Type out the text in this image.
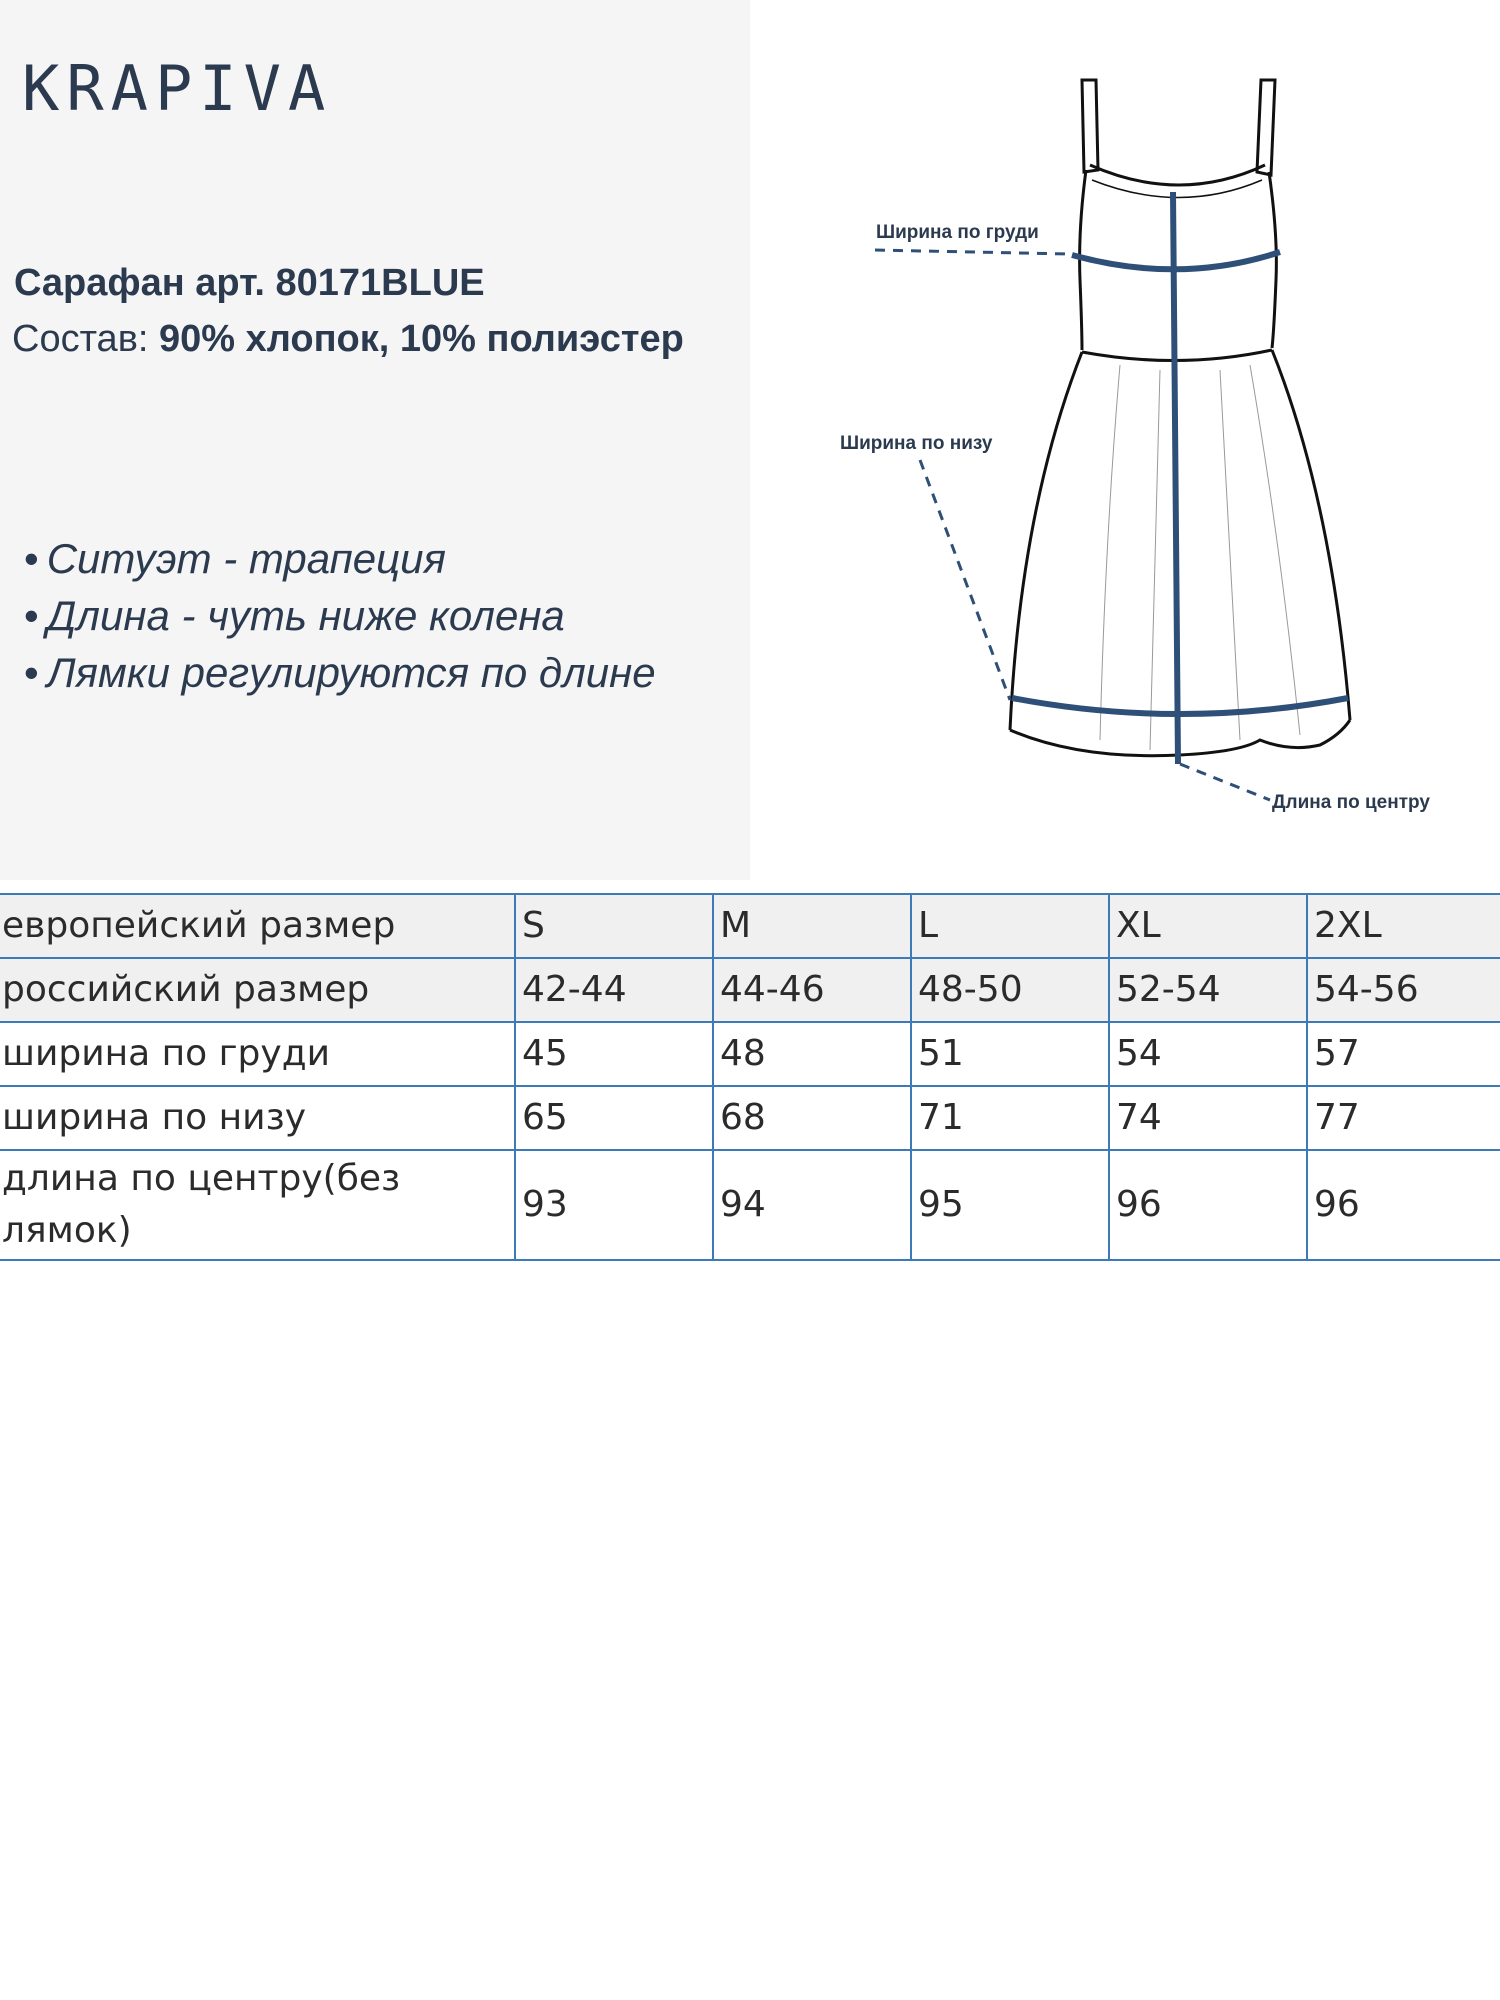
KRAPIVA
Сарафан арт. 80171BLUE
Состав: 90% хлопок, 10% полиэстер
• Ситуэт - трапеция
• Длина - чуть ниже колена
• Лямки регулируются по длине
Ширина по груди
Ширина по низу
Длина по центру
европейский размер	S	M	L	XL	2XL
российский размер	42-44	44-46	48-50	52-54	54-56
ширина по груди	45	48	51	54	57
ширина по низу	65	68	71	74	77
длина по центру(без лямок)	93	94	95	96	96
